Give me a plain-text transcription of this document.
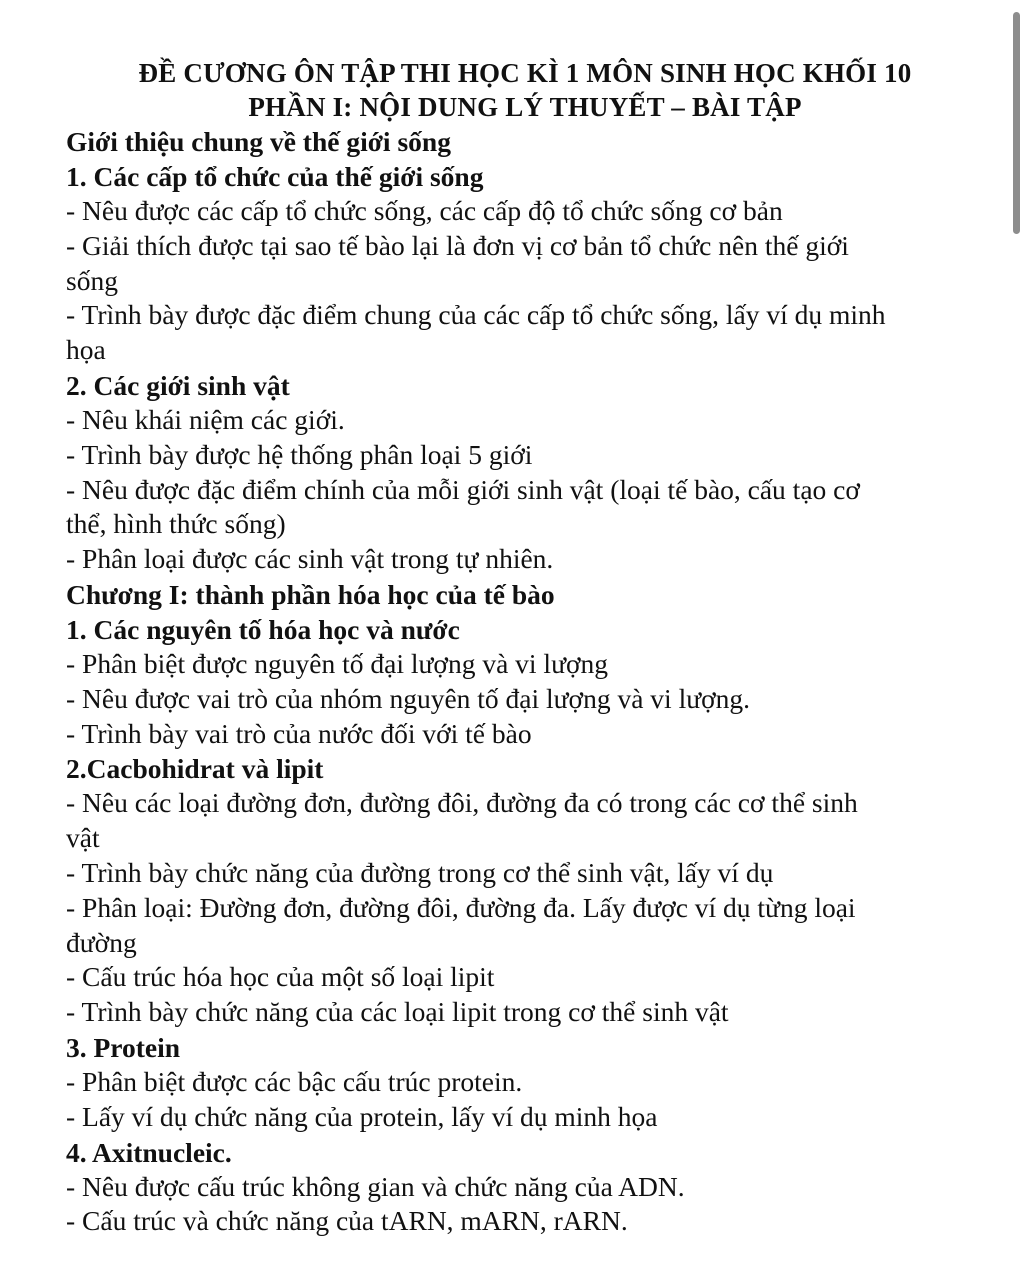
ĐỀ CƯƠNG ÔN TẬP THI HỌC KÌ 1 MÔN SINH HỌC KHỐI 10
PHẦN I: NỘI DUNG LÝ THUYẾT – BÀI TẬP
Giới thiệu chung về thế giới sống
1. Các cấp tổ chức của thế giới sống
- Nêu được các cấp tổ chức sống, các cấp độ tổ chức sống cơ bản
- Giải thích được tại sao tế bào lại là đơn vị cơ bản tổ chức nên thế giới
sống
- Trình bày được đặc điểm chung của các cấp tổ chức sống, lấy ví dụ minh
họa
2. Các giới sinh vật
- Nêu khái niệm các giới.
- Trình bày được hệ thống phân loại 5 giới
- Nêu được đặc điểm chính của mỗi giới sinh vật (loại tế bào, cấu tạo cơ
thể, hình thức sống)
- Phân loại được các sinh vật trong tự nhiên.
Chương I: thành phần hóa học của tế bào
1. Các nguyên tố hóa học và nước
- Phân biệt được nguyên tố đại lượng và vi lượng
- Nêu được vai trò của nhóm nguyên tố đại lượng và vi lượng.
- Trình bày vai trò của nước đối với tế bào
2.Cacbohidrat và lipit
- Nêu các loại đường đơn, đường đôi, đường đa có trong các cơ thể sinh
vật
- Trình bày chức năng của đường trong cơ thể sinh vật, lấy ví dụ
- Phân loại: Đường đơn, đường đôi, đường đa. Lấy được ví dụ từng loại
đường
- Cấu trúc hóa học của một số loại lipit
- Trình bày chức năng của các loại lipit trong cơ thể sinh vật
3. Protein
- Phân biệt được các bậc cấu trúc protein.
- Lấy ví dụ chức năng của protein, lấy ví dụ minh họa
4. Axitnucleic.
- Nêu được cấu trúc không gian và chức năng của ADN.
- Cấu trúc và chức năng của tARN, mARN, rARN.
